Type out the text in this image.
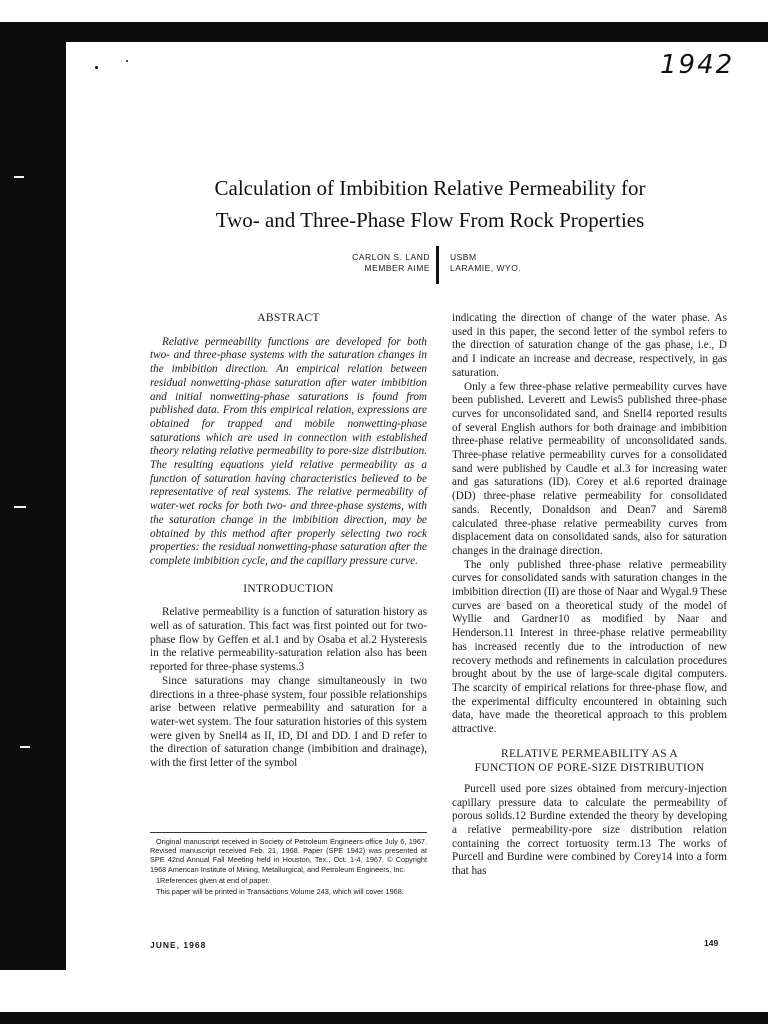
1942
Calculation of Imbibition Relative Permeability for
Two- and Three-Phase Flow From Rock Properties
CARLON S. LAND
MEMBER AIME
USBM
LARAMIE, WYO.
ABSTRACT

Relative permeability functions are developed for both two- and three-phase systems with the saturation changes in the imbibition direction. An empirical relation between residual nonwetting-phase saturation after water imbibition and initial nonwetting-phase saturations is found from published data. From this empirical relation, expressions are obtained for trapped and mobile nonwetting-phase saturations which are used in connection with established theory relating relative permeability to pore-size distribution. The resulting equations yield relative permeability as a function of saturation having characteristics believed to be representative of real systems. The relative permeability of water-wet rocks for both two- and three-phase systems, with the saturation change in the imbibition direction, may be obtained by this method after properly selecting two rock properties: the residual nonwetting-phase saturation after the complete imbibition cycle, and the capillary pressure curve.

INTRODUCTION

Relative permeability is a function of saturation history as well as of saturation. This fact was first pointed out for two-phase flow by Geffen et al.1 and by Osaba et al.2 Hysteresis in the relative permeability-saturation relation also has been reported for three-phase systems.3

Since saturations may change simultaneously in two directions in a three-phase system, four possible relationships arise between relative permeability and saturation for a water-wet system. The four saturation histories of this system were given by Snell4 as II, ID, DI and DD. I and D refer to the direction of saturation change (imbibition and drainage), with the first letter of the symbol

indicating the direction of change of the water phase. As used in this paper, the second letter of the symbol refers to the direction of saturation change of the gas phase, i.e., D and I indicate an increase and decrease, respectively, in gas saturation.

Only a few three-phase relative permeability curves have been published. Leverett and Lewis5 published three-phase curves for unconsolidated sand, and Snell4 reported results of several English authors for both drainage and imbibition three-phase relative permeability of unconsolidated sands. Three-phase relative permeability curves for a consolidated sand were published by Caudle et al.3 for increasing water and gas saturations (ID). Corey et al.6 reported drainage (DD) three-phase relative permeability for consolidated sands. Recently, Donaldson and Dean7 and Sarem8 calculated three-phase relative permeability curves from displacement data on consolidated sands, also for saturation changes in the drainage direction.

The only published three-phase relative permeability curves for consolidated sands with saturation changes in the imbibition direction (II) are those of Naar and Wygal.9 These curves are based on a theoretical study of the model of Wyllie and Gardner10 as modified by Naar and Henderson.11 Interest in three-phase relative permeability has increased recently due to the introduction of new recovery methods and refinements in calculation procedures brought about by the use of large-scale digital computers. The scarcity of empirical relations for three-phase flow, and the experimental difficulty encountered in obtaining such data, have made the theoretical approach to this problem attractive.

RELATIVE PERMEABILITY AS A
FUNCTION OF PORE-SIZE DISTRIBUTION

Purcell used pore sizes obtained from mercury-injection capillary pressure data to calculate the permeability of porous solids.12 Burdine extended the theory by developing a relative permeability-pore size distribution relation containing the correct tortuosity term.13 The works of Purcell and Burdine were combined by Corey14 into a form that has

Original manuscript received in Society of Petroleum Engineers office July 6, 1967. Revised manuscript received Feb. 21, 1968. Paper (SPE 1942) was presented at SPE 42nd Annual Fall Meeting held in Houston, Tex., Oct. 1-4, 1967. © Copyright 1968 American Institute of Mining, Metallurgical, and Petroleum Engineers, Inc.

1References given at end of paper.

This paper will be printed in Transactions Volume 243, which will cover 1968.

JUNE, 1968	149
